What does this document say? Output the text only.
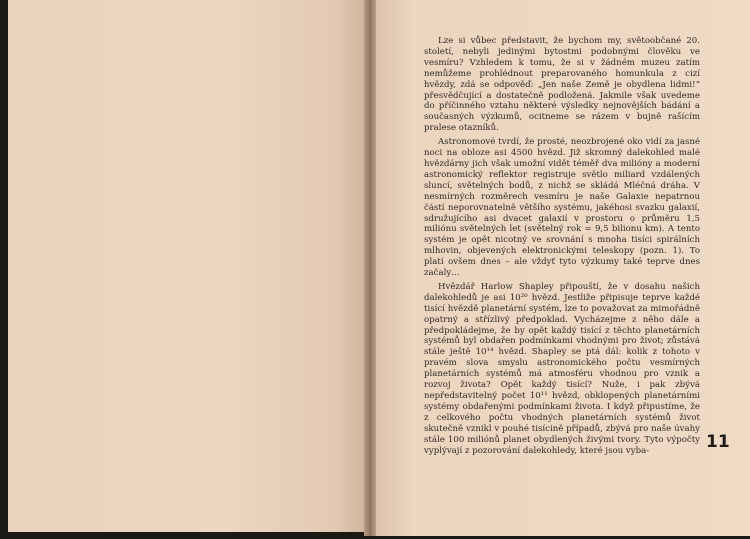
Lze si vůbec představit, že bychom my, světoobčané 20. století, nebyli jedinými bytostmi podobnými člověku ve vesmíru? Vzhledem k tomu, že si v žádném muzeu zatím nemůžeme prohlédnout preparovaného homunkula z cizí hvězdy, zdá se odpověď: „Jen naše Země je obydlena lidmi!“ přesvědčující a dostatečně podložená. Jakmile však uvedeme do příčinného vztahu některé výsledky nejnovějších bádání a současných výzkumů, ocitneme se rázem v bujně rašícím pralese otazníků.

Astronomové tvrdí, že prosté, neozbrojené oko vidí za jasné noci na obloze asi 4500 hvězd. Již skromný dalekohled malé hvězdárny jich však umožní vidět téměř dva milióny a moderní astronomický reflektor registruje světlo miliard vzdálených sluncí, světelných bodů, z nichž se skládá Mléčná dráha. V nesmírných rozměrech vesmíru je naše Galaxie nepatrnou částí neporovnatelně většího systému, jakéhosi svazku galaxií, sdružujícího asi dvacet galaxií v prostoru o průměru 1,5 miliónu světelných let (světelný rok = 9,5 bilionu km). A tento systém je opět nicotný ve srovnání s mnoha tisíci spirálních mlhovin, objevených elektronickými teleskopy (pozn. 1). To platí ovšem dnes – ale vždyť tyto výzkumy také teprve dnes začaly…

Hvězdář Harlow Shapley připouští, že v dosahu našich dalekohledů je asi 10²⁰ hvězd. Jestliže připisuje teprve každé tisící hvězdě planetární systém, lze to považovat za mimořádně opatrný a střízlivý předpoklad. Vycházejme z něho dále a předpokládejme, že by opět každý tisící z těchto planetárních systémů byl obdařen podmínkami vhodnými pro život; zůstává stále ještě 10¹⁴ hvězd. Shapley se ptá dál: kolik z tohoto v pravém slova smyslu astronomického počtu vesmírných planetárních systémů má atmosféru vhodnou pro vznik a rozvoj života? Opět každý tisící? Nuže, i pak zbývá nepředstavitelný počet 10¹¹ hvězd, obklopených planetárními systémy obdařenými podmínkami života. I když připustíme, že z celkového počtu vhodných planetárních systémů život skutečně vznikl v pouhé tisícině případů, zbývá pro naše úvahy stále 100 miliónů planet obydlených živými tvory. Tyto výpočty vyplývají z pozorování dalekohledy, které jsou vyba-	11
